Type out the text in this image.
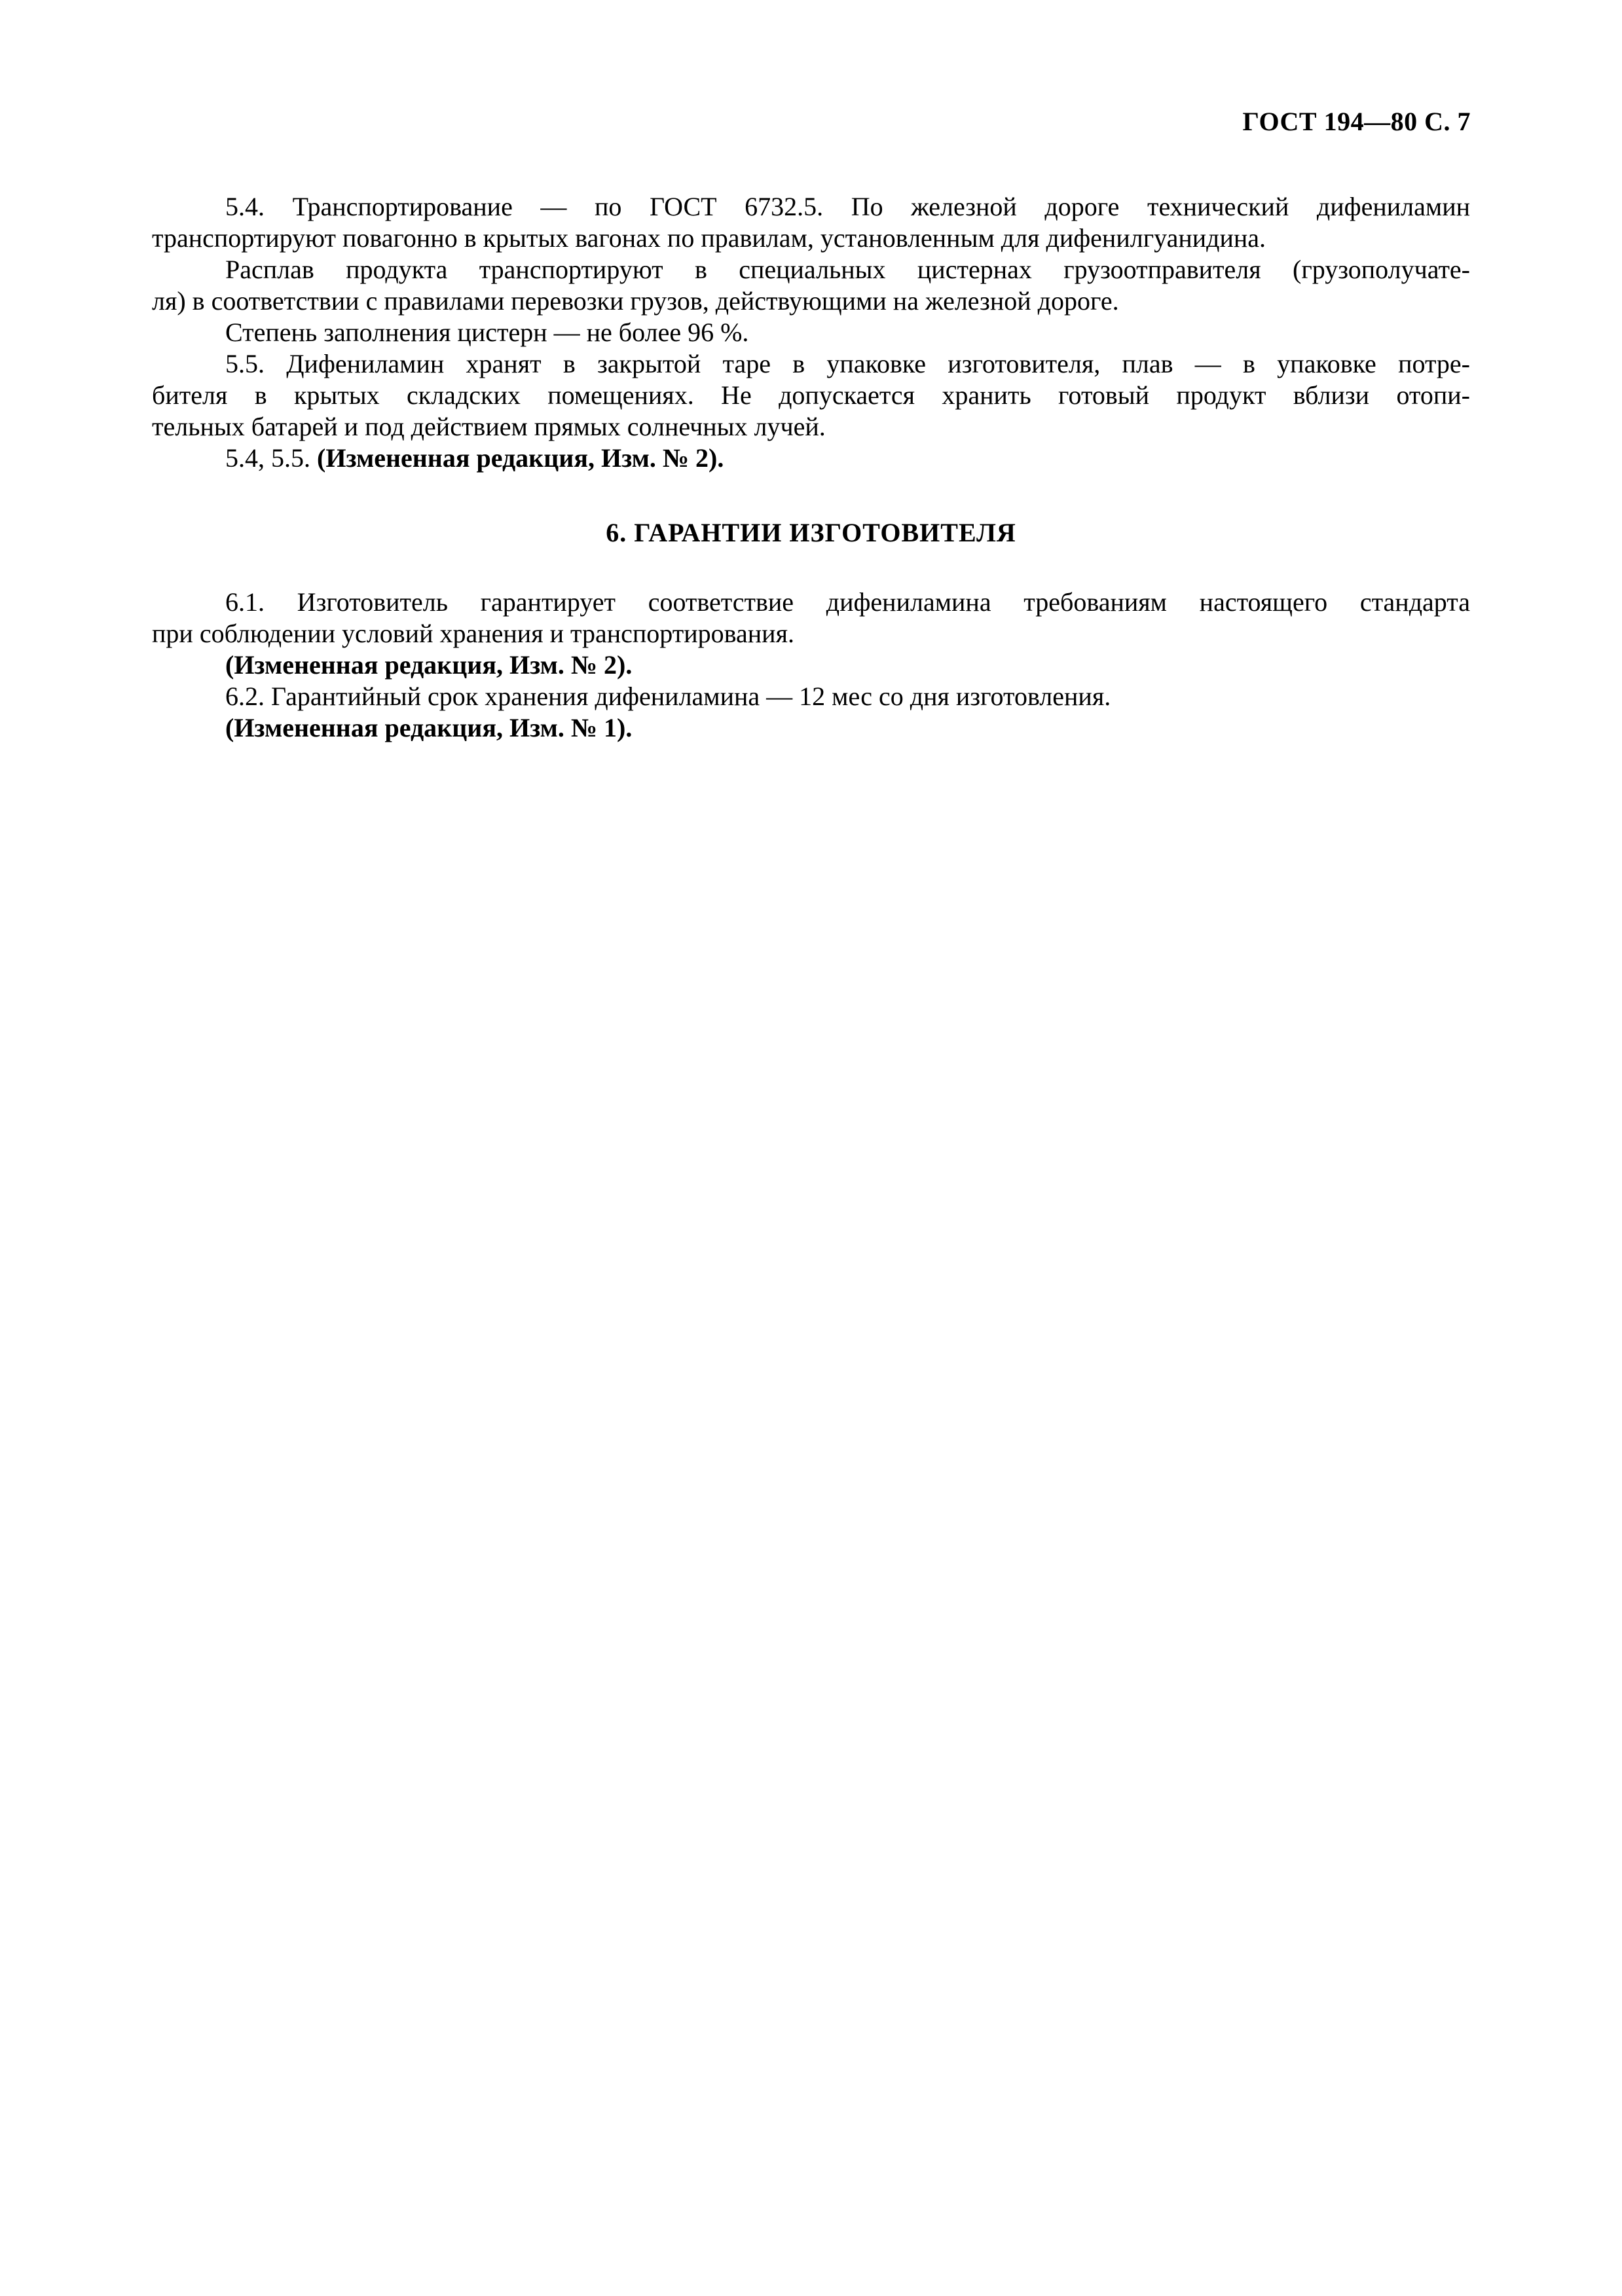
ГОСТ 194—80 С. 7
5.4. Транспортирование — по ГОСТ 6732.5. По железной дороге технический дифениламин
транспортируют повагонно в крытых вагонах по правилам, установленным для дифенилгуанидина.
Расплав продукта транспортируют в специальных цистернах грузоотправителя (грузополучате-
ля) в соответствии с правилами перевозки грузов, действующими на железной дороге.
Степень заполнения цистерн — не более 96 %.
5.5. Дифениламин хранят в закрытой таре в упаковке изготовителя, плав — в упаковке потре-
бителя в крытых складских помещениях. Не допускается хранить готовый продукт вблизи отопи-
тельных батарей и под действием прямых солнечных лучей.
5.4, 5.5. (Измененная редакция, Изм. № 2).
6. ГАРАНТИИ ИЗГОТОВИТЕЛЯ
6.1. Изготовитель гарантирует соответствие дифениламина требованиям настоящего стандарта
при соблюдении условий хранения и транспортирования.
(Измененная редакция, Изм. № 2).
6.2. Гарантийный срок хранения дифениламина — 12 мес со дня изготовления.
(Измененная редакция, Изм. № 1).
